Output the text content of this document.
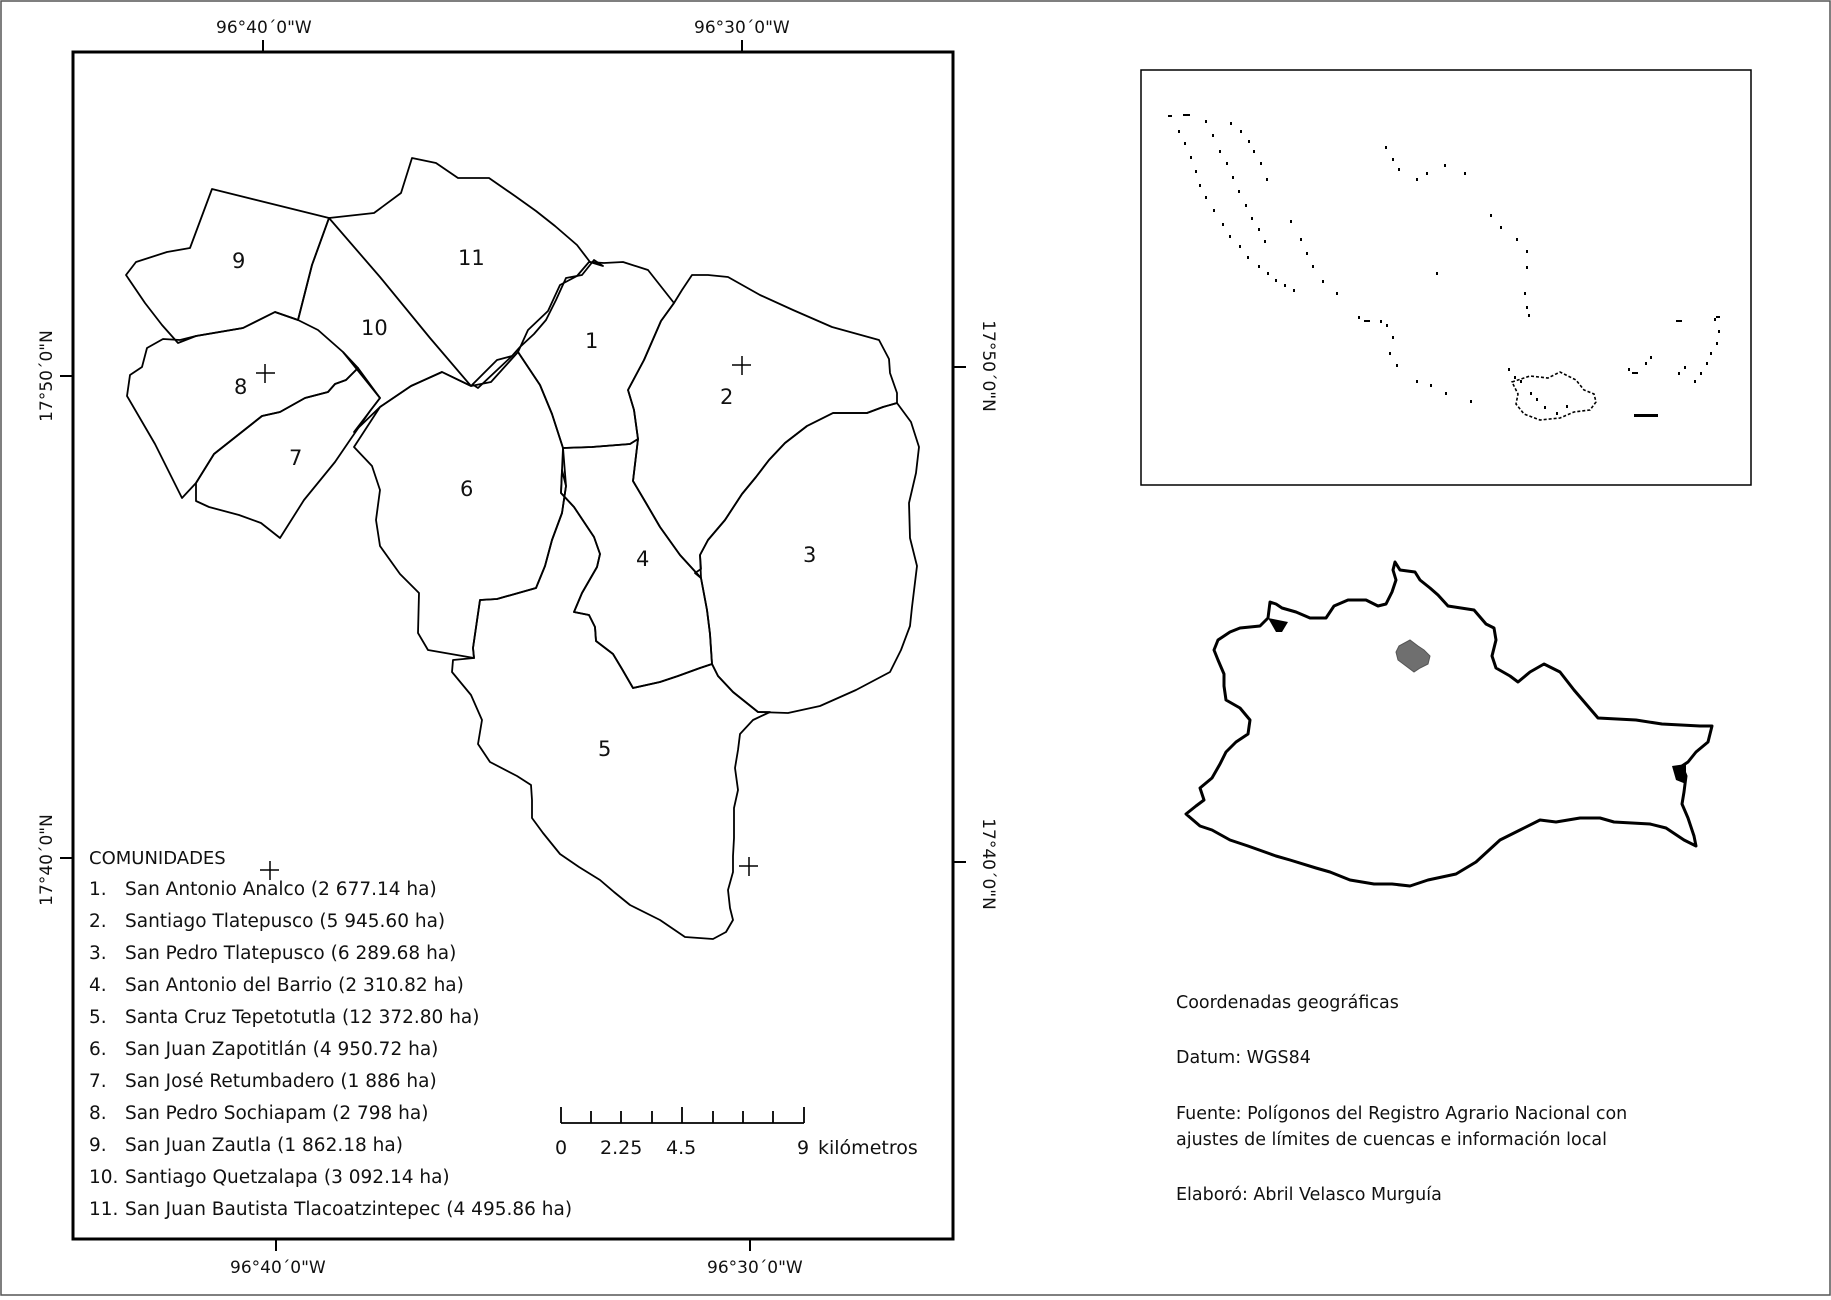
96°40´0"W	96°30´0"W
96°40´0"W	96°30´0"W
17°50´0"N
17°40´0"N
17°50´0"N
17°40´0"N
1
2
3
4
5
6
7
8
9
10
11
COMUNIDADES
1. San Antonio Analco (2 677.14 ha)
2. Santiago Tlatepusco (5 945.60 ha)
3. San Pedro Tlatepusco (6 289.68 ha)
4. San Antonio del Barrio (2 310.82 ha)
5. Santa Cruz Tepetotutla (12 372.80 ha)
6. San Juan Zapotitlán (4 950.72 ha)
7. San José Retumbadero (1 886 ha)
8. San Pedro Sochiapam (2 798 ha)
9. San Juan Zautla (1 862.18 ha)
10. Santiago Quetzalapa (3 092.14 ha)
11. San Juan Bautista Tlacoatzintepec (4 495.86 ha)
0 2.25 4.5	9 kilómetros
Coordenadas geográficas
Datum: WGS84
Fuente: Polígonos del Registro Agrario Nacional con
ajustes de límites de cuencas e información local
Elaboró: Abril Velasco Murguía
